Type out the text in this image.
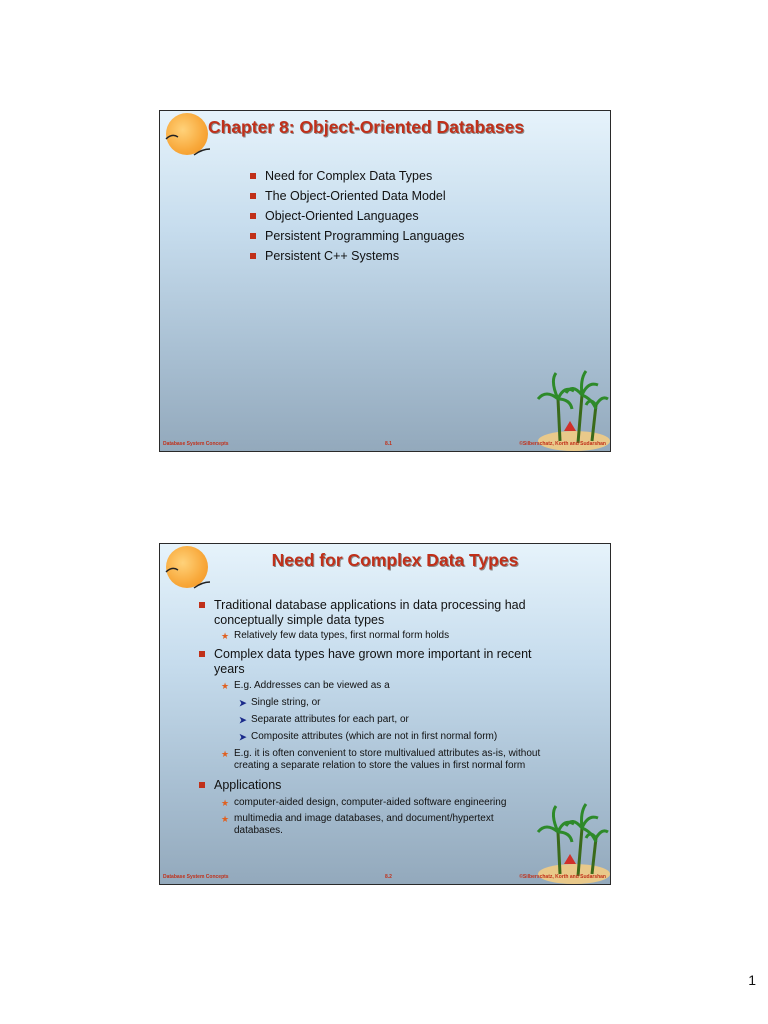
Chapter 8: Object-Oriented Databases
Need for Complex Data Types
The Object-Oriented Data Model
Object-Oriented Languages
Persistent Programming Languages
Persistent C++ Systems
Database System Concepts	8.1	©Silberschatz, Korth and Sudarshan
Need for Complex Data Types
Traditional database applications in data processing had conceptually simple data types
★ Relatively few data types, first normal form holds
Complex data types have grown more important in recent years
★ E.g. Addresses can be viewed as a
➤ Single string, or
➤ Separate attributes for each part, or
➤ Composite attributes (which are not in first normal form)
★ E.g. it is often convenient to store multivalued attributes as-is, without creating a separate relation to store the values in first normal form
Applications
★ computer-aided design, computer-aided software engineering
★ multimedia and image databases, and document/hypertext databases.
Database System Concepts	8.2	©Silberschatz, Korth and Sudarshan
1
